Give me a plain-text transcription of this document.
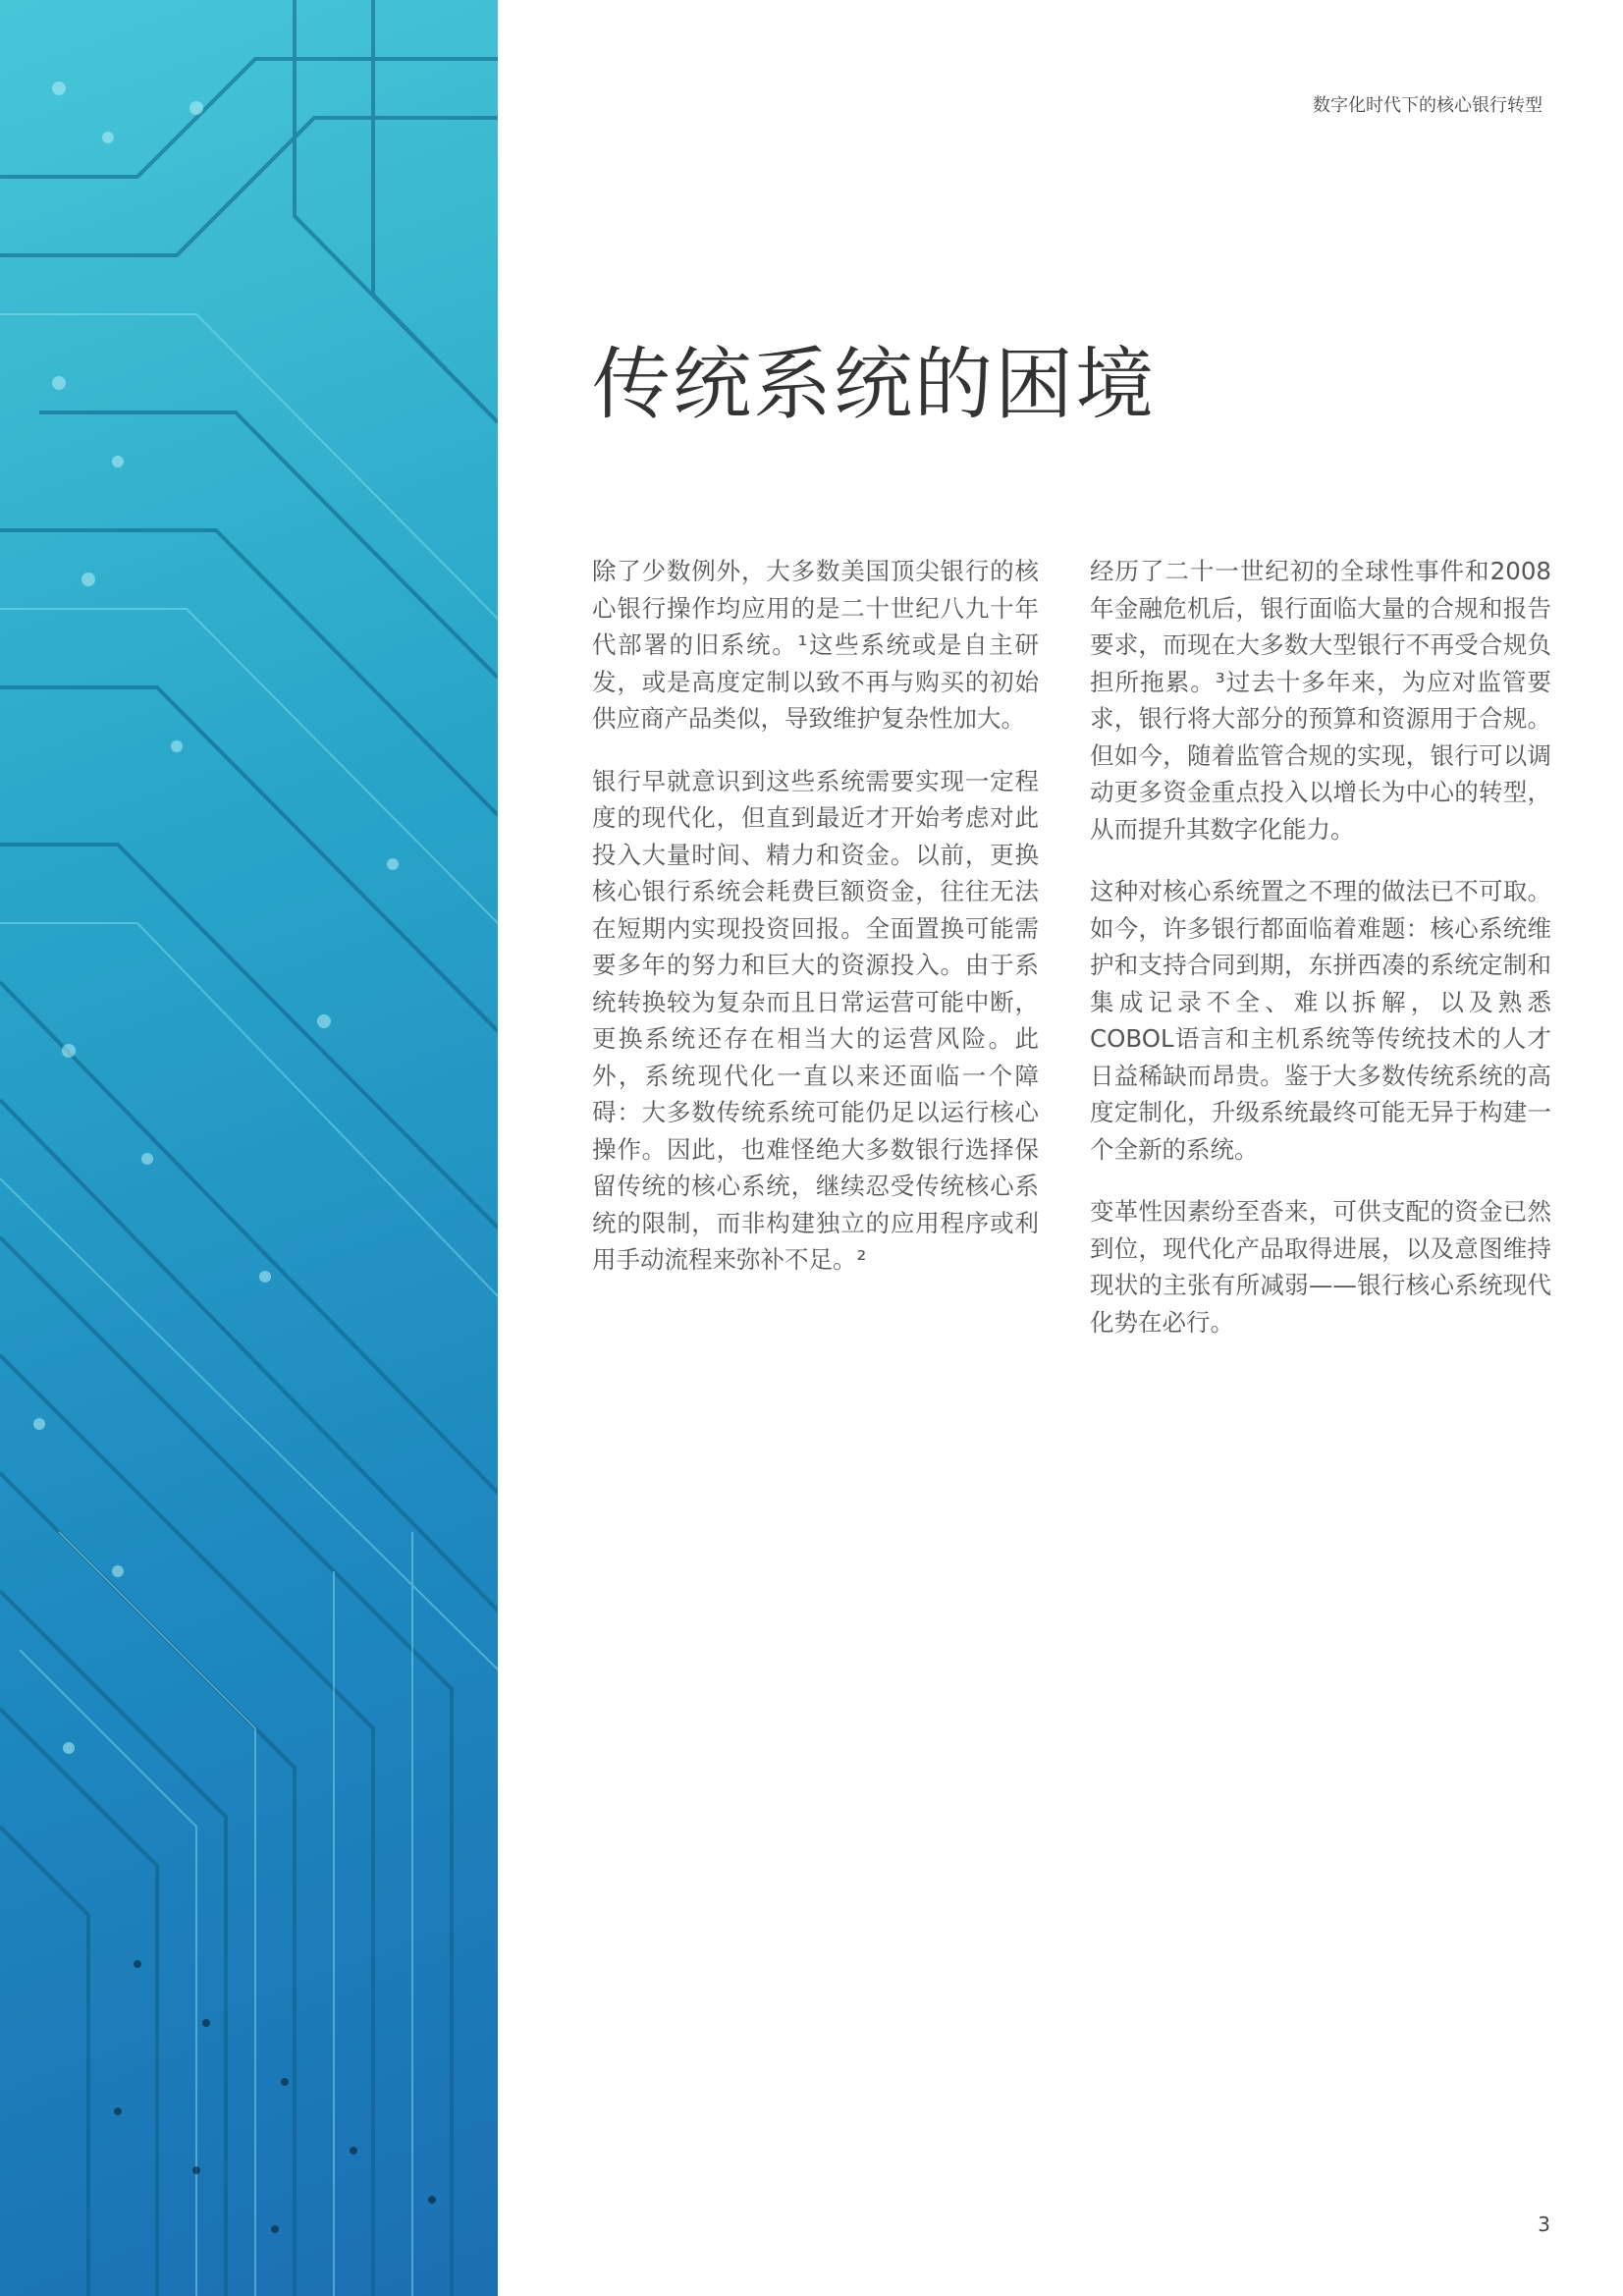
数字化时代下的核心银行转型
传统系统的困境

除了少数例外，大多数美国顶尖银行的核心银行操作均应用的是二十世纪八九十年代部署的旧系统。¹这些系统或是自主研发，或是高度定制以致不再与购买的初始供应商产品类似，导致维护复杂性加大。

银行早就意识到这些系统需要实现一定程度的现代化，但直到最近才开始考虑对此投入大量时间、精力和资金。以前，更换核心银行系统会耗费巨额资金，往往无法在短期内实现投资回报。全面置换可能需要多年的努力和巨大的资源投入。由于系统转换较为复杂而且日常运营可能中断，更换系统还存在相当大的运营风险。此外，系统现代化一直以来还面临一个障碍：大多数传统系统可能仍足以运行核心操作。因此，也难怪绝大多数银行选择保留传统的核心系统，继续忍受传统核心系统的限制，而非构建独立的应用程序或利用手动流程来弥补不足。²

经历了二十一世纪初的全球性事件和2008年金融危机后，银行面临大量的合规和报告要求，而现在大多数大型银行不再受合规负担所拖累。³过去十多年来，为应对监管要求，银行将大部分的预算和资源用于合规。但如今，随着监管合规的实现，银行可以调动更多资金重点投入以增长为中心的转型，从而提升其数字化能力。

这种对核心系统置之不理的做法已不可取。如今，许多银行都面临着难题：核心系统维护和支持合同到期，东拼西凑的系统定制和集成记录不全、难以拆解，以及熟悉COBOL语言和主机系统等传统技术的人才日益稀缺而昂贵。鉴于大多数传统系统的高度定制化，升级系统最终可能无异于构建一个全新的系统。

变革性因素纷至沓来，可供支配的资金已然到位，现代化产品取得进展，以及意图维持现状的主张有所减弱——银行核心系统现代化势在必行。

3
